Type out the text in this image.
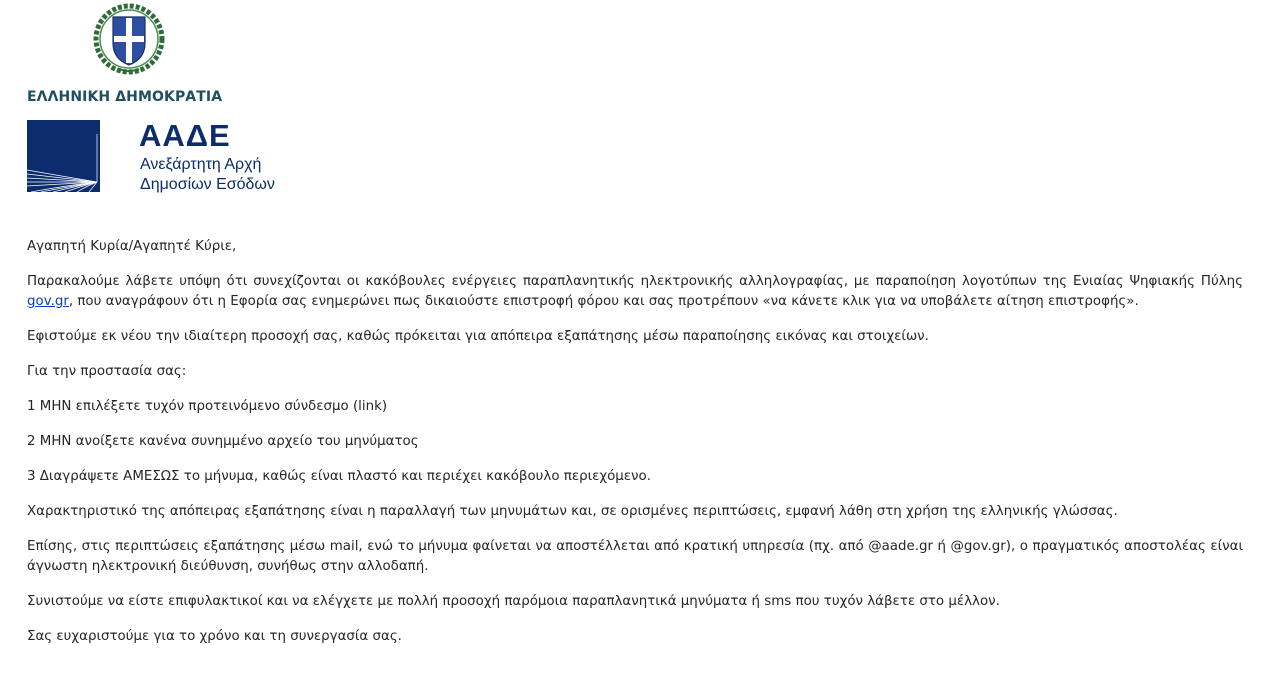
ΕΛΛΗΝΙΚΗ ΔΗΜΟΚΡΑΤΙΑ
ΑΑΔΕ
Ανεξάρτητη Αρχή
Δημοσίων Εσόδων

Αγαπητή Κυρία/Αγαπητέ Κύριε,

Παρακαλούμε λάβετε υπόψη ότι συνεχίζονται οι κακόβουλες ενέργειες παραπλανητικής ηλεκτρονικής αλληλογραφίας, με παραποίηση λογοτύπων της Ενιαίας Ψηφιακής Πύλης gov.gr, που αναγράφουν ότι η Εφορία σας ενημερώνει πως δικαιούστε επιστροφή φόρου και σας προτρέπουν «να κάνετε κλικ για να υποβάλετε αίτηση επιστροφής».

Εφιστούμε εκ νέου την ιδιαίτερη προσοχή σας, καθώς πρόκειται για απόπειρα εξαπάτησης μέσω παραποίησης εικόνας και στοιχείων.

Για την προστασία σας:

1 ΜΗΝ επιλέξετε τυχόν προτεινόμενο σύνδεσμο (link)

2 ΜΗΝ ανοίξετε κανένα συνημμένο αρχείο του μηνύματος

3 Διαγράψετε ΑΜΕΣΩΣ το μήνυμα, καθώς είναι πλαστό και περιέχει κακόβουλο περιεχόμενο.

Χαρακτηριστικό της απόπειρας εξαπάτησης είναι η παραλλαγή των μηνυμάτων και, σε ορισμένες περιπτώσεις, εμφανή λάθη στη χρήση της ελληνικής γλώσσας.

Επίσης, στις περιπτώσεις εξαπάτησης μέσω mail, ενώ το μήνυμα φαίνεται να αποστέλλεται από κρατική υπηρεσία (πχ. από @aade.gr ή @gov.gr), ο πραγματικός αποστολέας είναι άγνωστη ηλεκτρονική διεύθυνση, συνήθως στην αλλοδαπή.

Συνιστούμε να είστε επιφυλακτικοί και να ελέγχετε με πολλή προσοχή παρόμοια παραπλανητικά μηνύματα ή sms που τυχόν λάβετε στο μέλλον.

Σας ευχαριστούμε για το χρόνο και τη συνεργασία σας.
